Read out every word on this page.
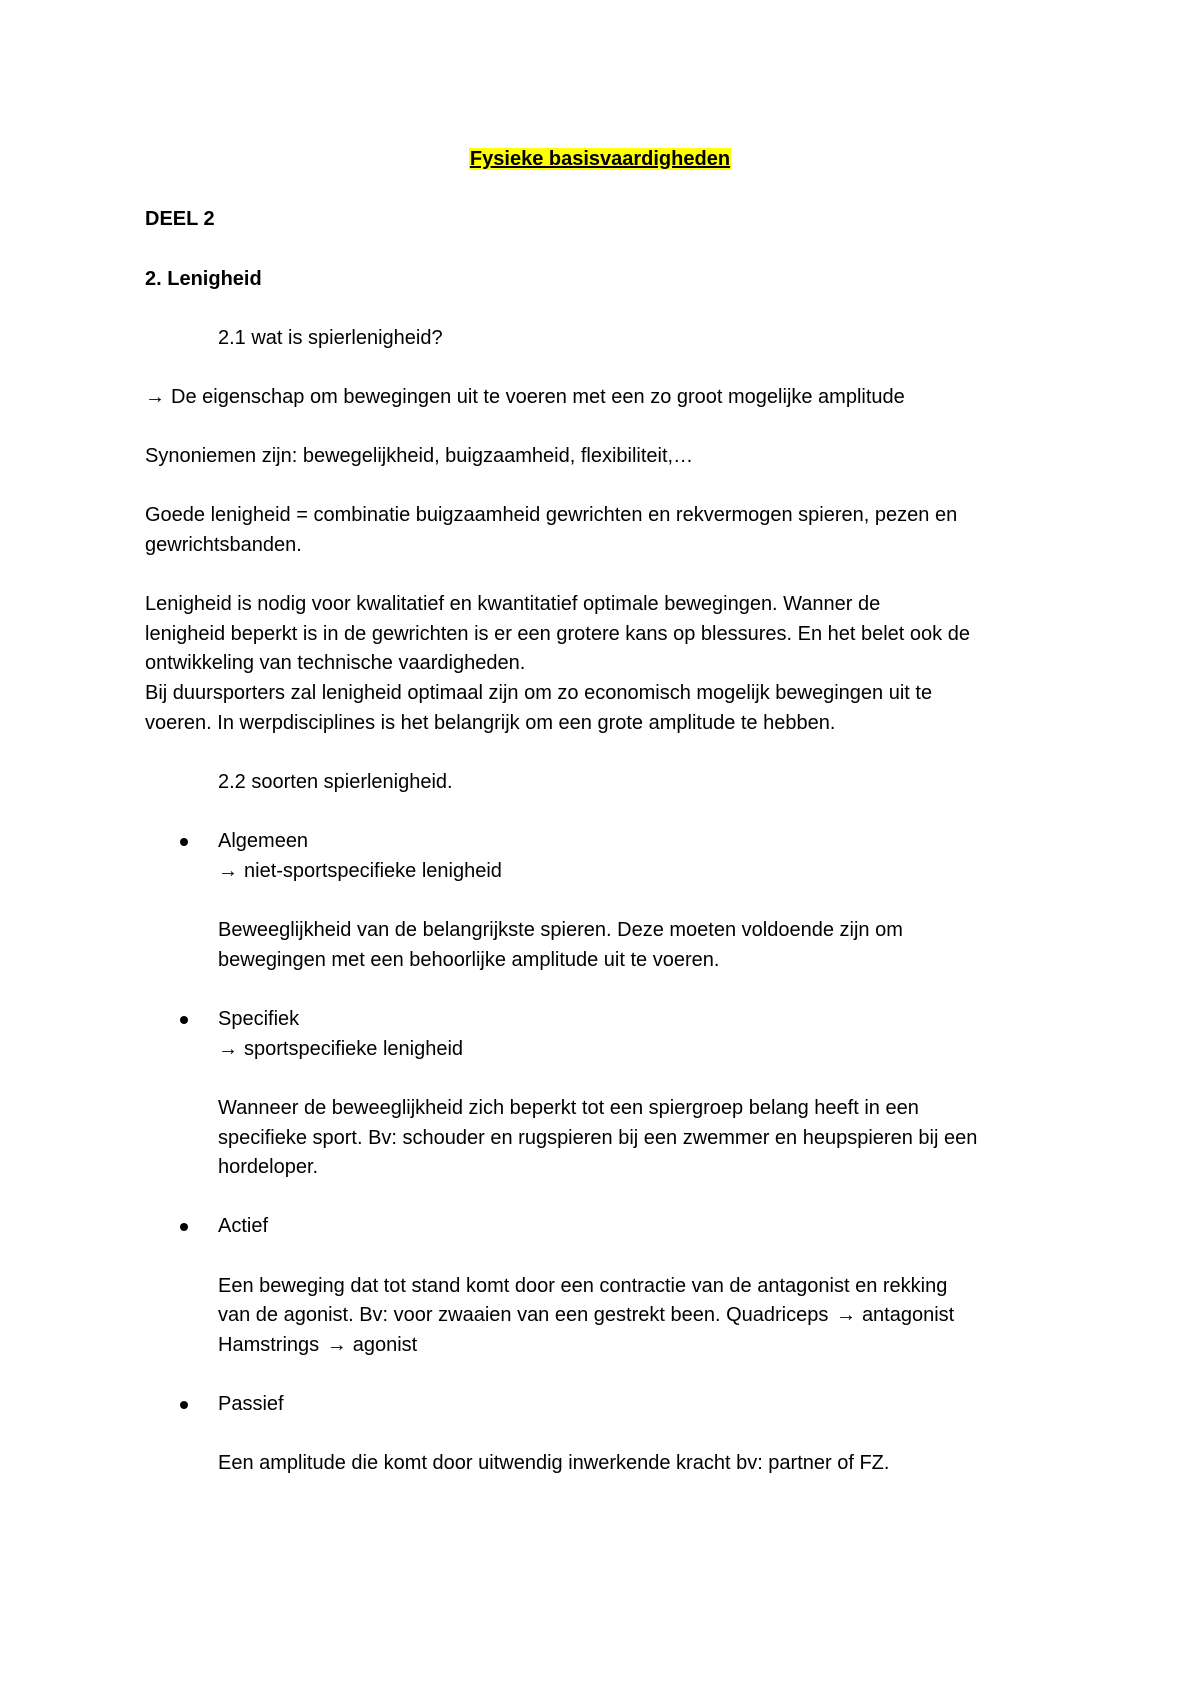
Fysieke basisvaardigheden
DEEL 2
2. Lenigheid
2.1 wat is spierlenigheid?
→ De eigenschap om bewegingen uit te voeren met een zo groot mogelijke amplitude
Synoniemen zijn: bewegelijkheid, buigzaamheid, flexibiliteit,…
Goede lenigheid = combinatie buigzaamheid gewrichten en rekvermogen spieren, pezen en
gewrichtsbanden.
Lenigheid is nodig voor kwalitatief en kwantitatief optimale bewegingen. Wanner de
lenigheid beperkt is in de gewrichten is er een grotere kans op blessures. En het belet ook de
ontwikkeling van technische vaardigheden.
Bij duursporters zal lenigheid optimaal zijn om zo economisch mogelijk bewegingen uit te
voeren. In werpdisciplines is het belangrijk om een grote amplitude te hebben.
2.2 soorten spierlenigheid.
Algemeen
→ niet-sportspecifieke lenigheid
Beweeglijkheid van de belangrijkste spieren. Deze moeten voldoende zijn om
bewegingen met een behoorlijke amplitude uit te voeren.
Specifiek
→ sportspecifieke lenigheid
Wanneer de beweeglijkheid zich beperkt tot een spiergroep belang heeft in een
specifieke sport. Bv: schouder en rugspieren bij een zwemmer en heupspieren bij een
hordeloper.
Actief
Een beweging dat tot stand komt door een contractie van de antagonist en rekking
van de agonist. Bv: voor zwaaien van een gestrekt been. Quadriceps → antagonist
Hamstrings → agonist
Passief
Een amplitude die komt door uitwendig inwerkende kracht bv: partner of FZ.
